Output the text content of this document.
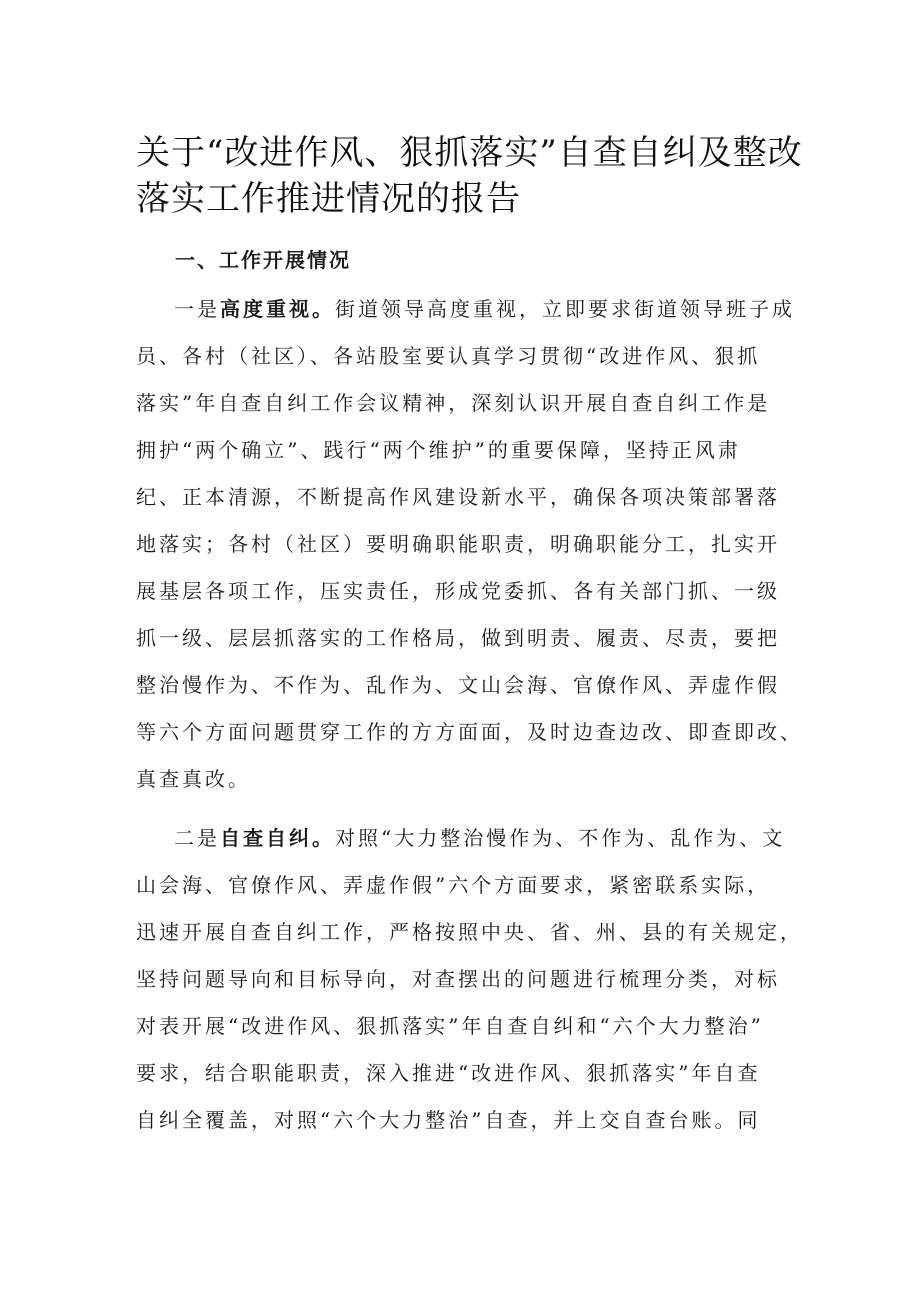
关于“改进作风、狠抓落实”自查自纠及整改
落实工作推进情况的报告
一、工作开展情况
一是高度重视。街道领导高度重视，立即要求街道领导班子成
员、各村（社区）、各站股室要认真学习贯彻“改进作风、狠抓
落实”年自查自纠工作会议精神，深刻认识开展自查自纠工作是
拥护“两个确立”、践行“两个维护”的重要保障，坚持正风肃
纪、正本清源，不断提高作风建设新水平，确保各项决策部署落
地落实；各村（社区）要明确职能职责，明确职能分工，扎实开
展基层各项工作，压实责任，形成党委抓、各有关部门抓、一级
抓一级、层层抓落实的工作格局，做到明责、履责、尽责，要把
整治慢作为、不作为、乱作为、文山会海、官僚作风、弄虚作假
等六个方面问题贯穿工作的方方面面，及时边查边改、即查即改、
真查真改。
二是自查自纠。对照“大力整治慢作为、不作为、乱作为、文
山会海、官僚作风、弄虚作假”六个方面要求，紧密联系实际，
迅速开展自查自纠工作，严格按照中央、省、州、县的有关规定，
坚持问题导向和目标导向，对查摆出的问题进行梳理分类，对标
对表开展“改进作风、狠抓落实”年自查自纠和“六个大力整治”
要求，结合职能职责，深入推进“改进作风、狠抓落实”年自查
自纠全覆盖，对照“六个大力整治”自查，并上交自查台账。同
